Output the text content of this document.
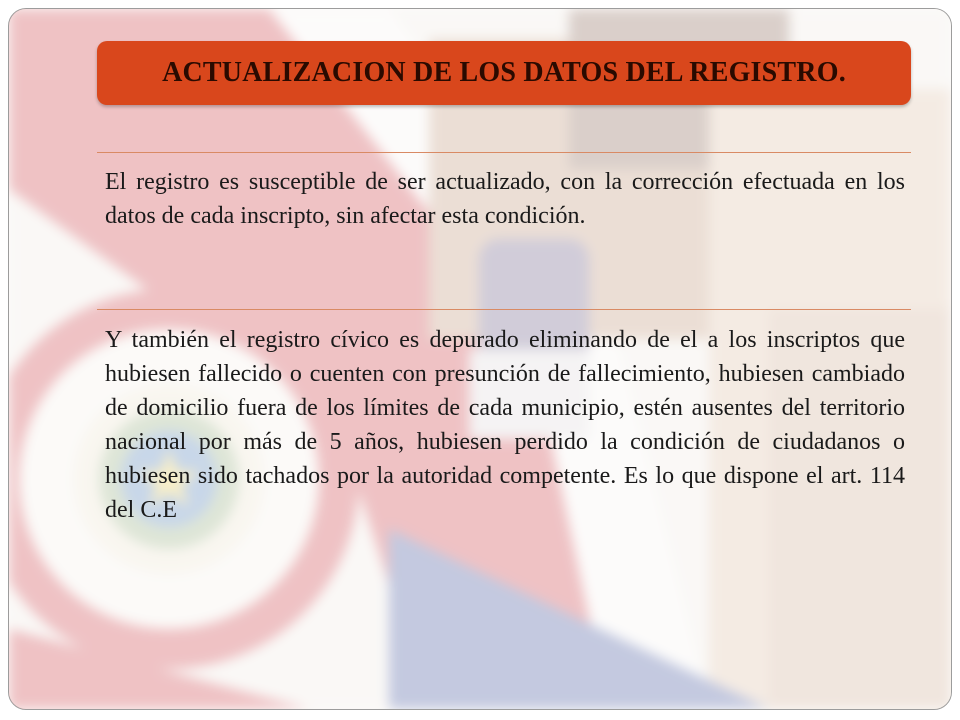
ACTUALIZACION DE LOS DATOS DEL REGISTRO.
El registro es susceptible de ser actualizado, con la corrección efectuada en los datos de cada inscripto, sin afectar esta condición.
Y también el registro cívico es depurado eliminando de el a los inscriptos que hubiesen fallecido o cuenten con presunción de fallecimiento, hubiesen cambiado de domicilio fuera de los límites de cada municipio, estén ausentes del territorio nacional por más de 5 años, hubiesen perdido la condición de ciudadanos o hubiesen sido tachados por la autoridad competente. Es lo que dispone el art. 114 del C.E
